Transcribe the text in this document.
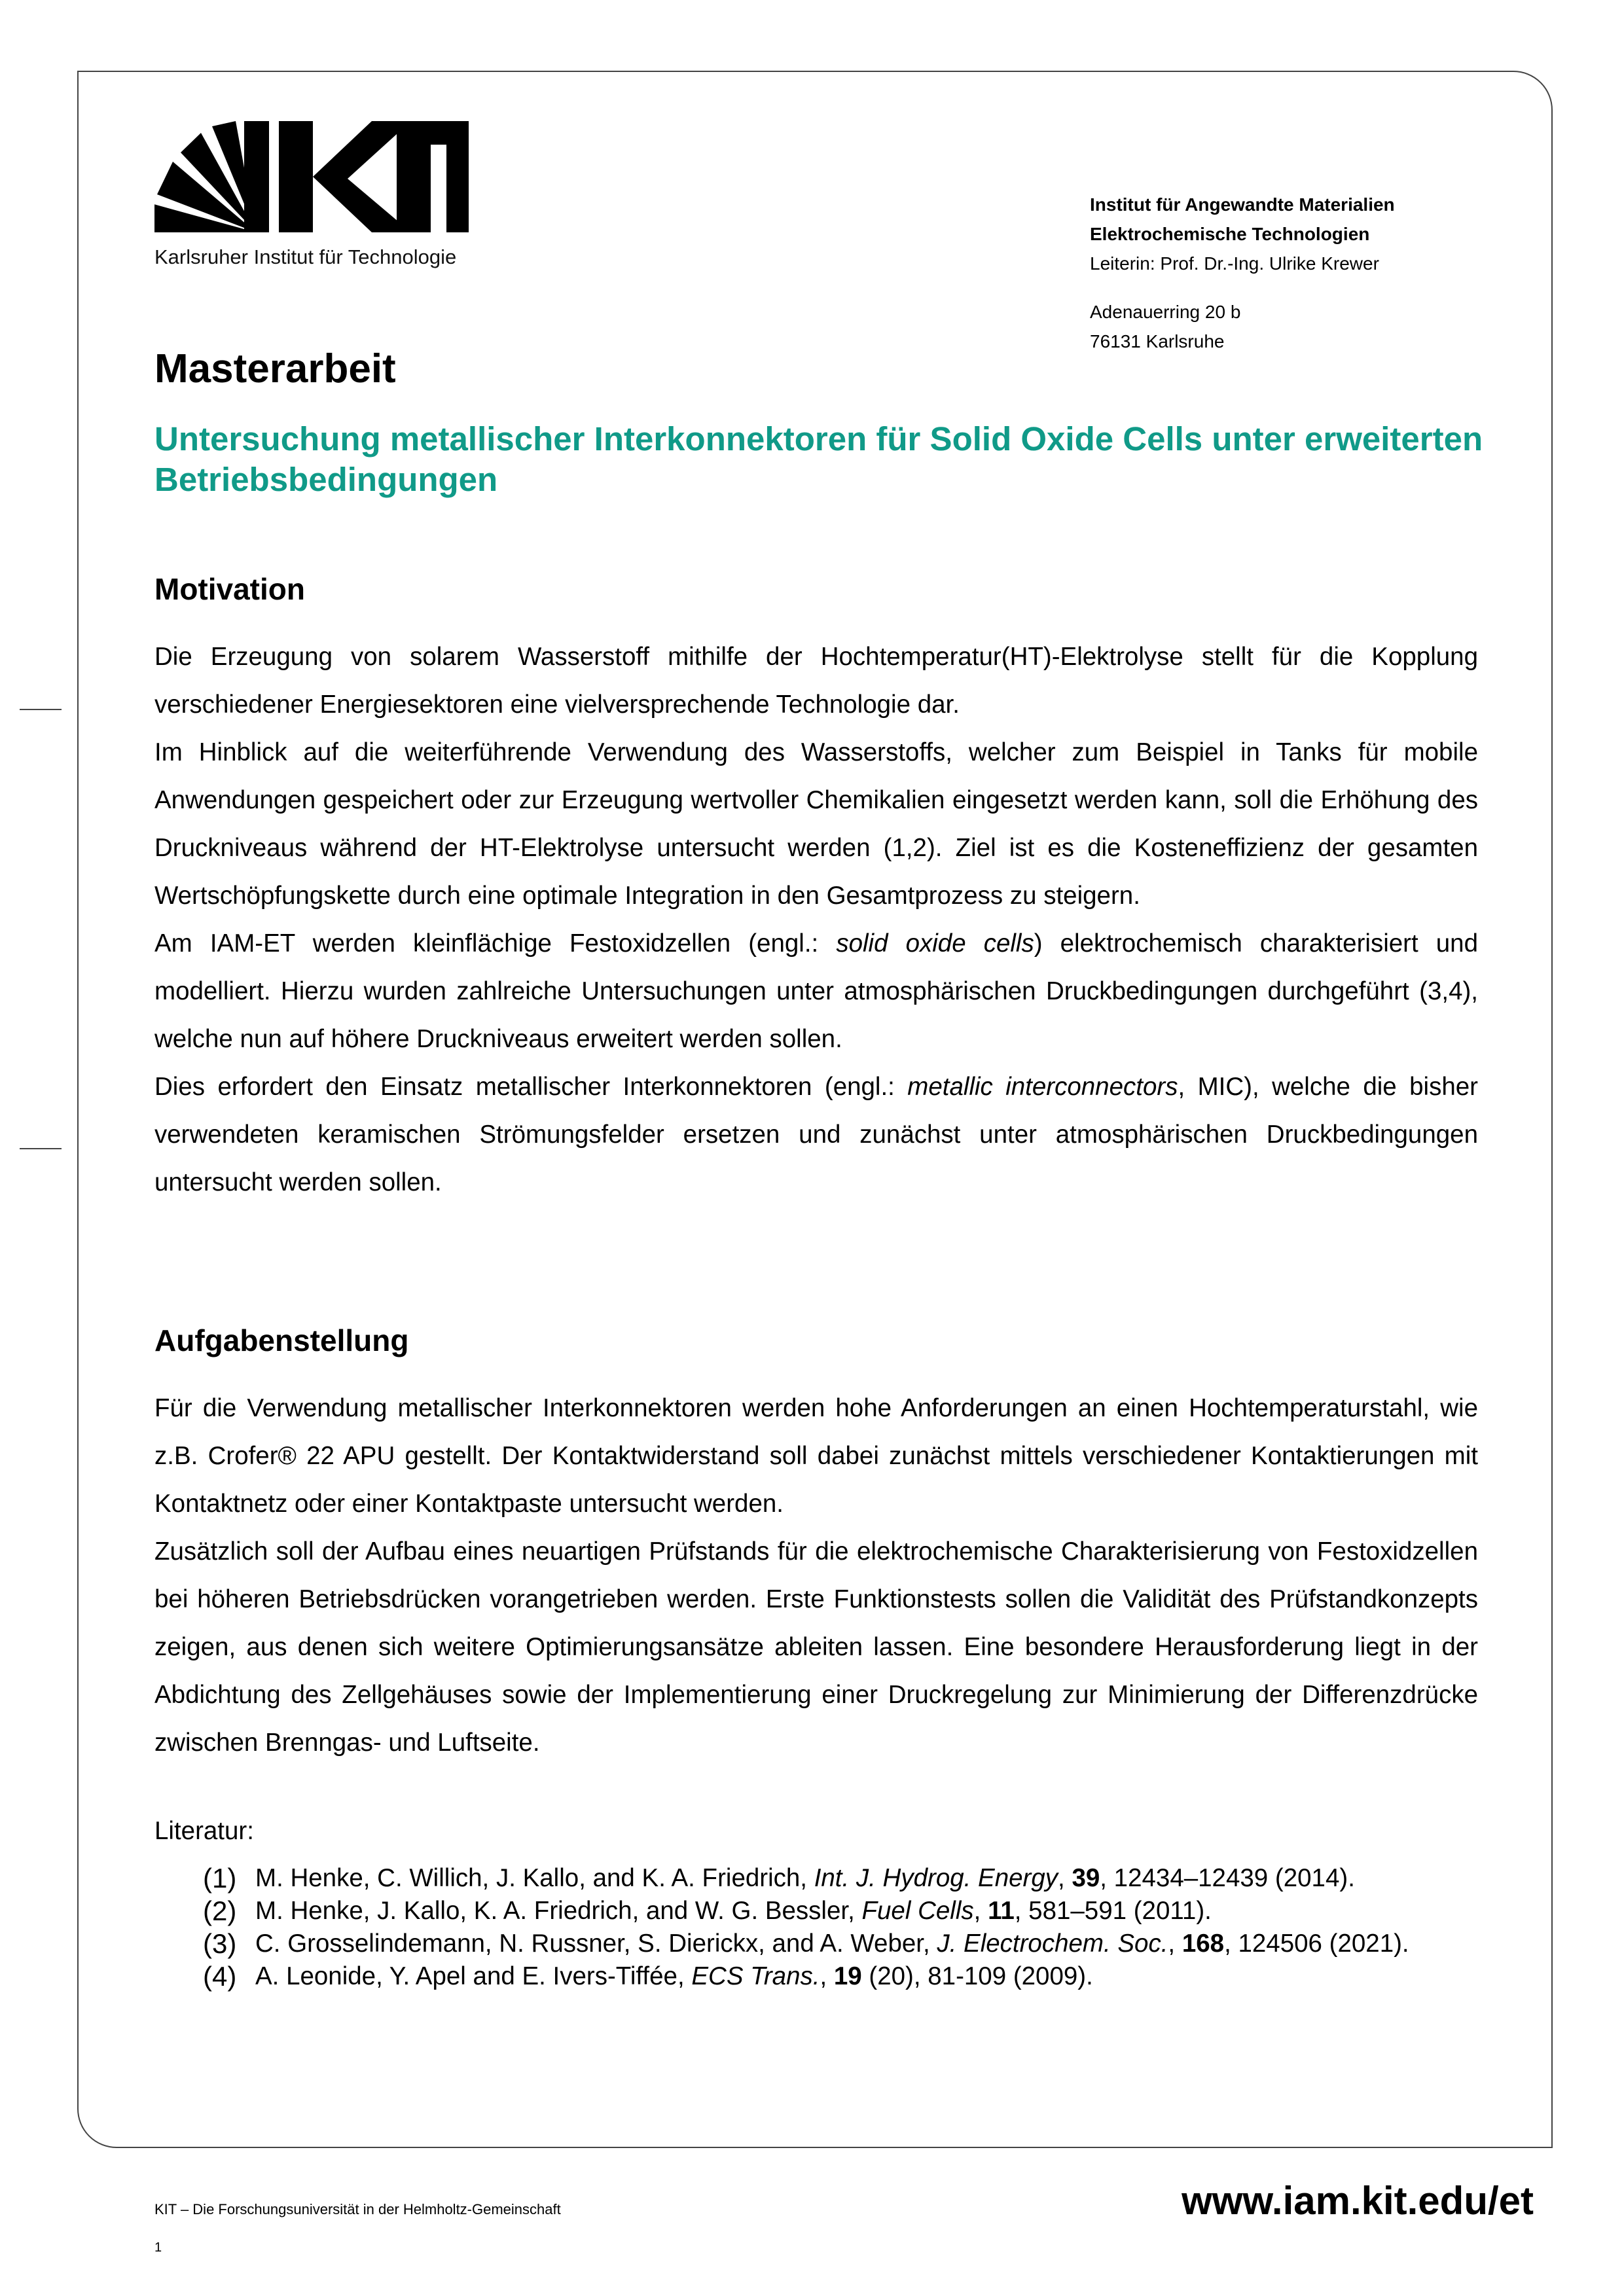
KIT
Karlsruher Institut für Technologie
Institut für Angewandte Materialien
Elektrochemische Technologien
Leiterin: Prof. Dr.-Ing. Ulrike Krewer
Adenauerring 20 b
76131 Karlsruhe
Masterarbeit
Untersuchung metallischer Interkonnektoren für Solid Oxide Cells unter erweiterten Betriebsbedingungen
Motivation

Die Erzeugung von solarem Wasserstoff mithilfe der Hochtemperatur(HT)-Elektrolyse stellt für die Kopplung verschiedener Energiesektoren eine vielversprechende Technologie dar.

Im Hinblick auf die weiterführende Verwendung des Wasserstoffs, welcher zum Beispiel in Tanks für mobile Anwendungen gespeichert oder zur Erzeugung wertvoller Chemikalien eingesetzt werden kann, soll die Erhöhung des Druckniveaus während der HT-Elektrolyse untersucht werden (1,2). Ziel ist es die Kosteneffizienz der gesamten Wertschöpfungskette durch eine optimale Integration in den Gesamtprozess zu steigern.

Am IAM-ET werden kleinflächige Festoxidzellen (engl.: solid oxide cells) elektrochemisch charakterisiert und modelliert. Hierzu wurden zahlreiche Untersuchungen unter atmosphärischen Druckbedingungen durchgeführt (3,4), welche nun auf höhere Druckniveaus erweitert werden sollen.

Dies erfordert den Einsatz metallischer Interkonnektoren (engl.: metallic interconnectors, MIC), welche die bisher verwendeten keramischen Strömungsfelder ersetzen und zunächst unter atmosphärischen Druckbedingungen untersucht werden sollen.

Aufgabenstellung

Für die Verwendung metallischer Interkonnektoren werden hohe Anforderungen an einen Hochtemperaturstahl, wie z.B. Crofer® 22 APU gestellt. Der Kontaktwiderstand soll dabei zunächst mittels verschiedener Kontaktierungen mit Kontaktnetz oder einer Kontaktpaste untersucht werden.

Zusätzlich soll der Aufbau eines neuartigen Prüfstands für die elektrochemische Charakterisierung von Festoxidzellen bei höheren Betriebsdrücken vorangetrieben werden. Erste Funktionstests sollen die Validität des Prüfstandkonzepts zeigen, aus denen sich weitere Optimierungsansätze ableiten lassen. Eine besondere Herausforderung liegt in der Abdichtung des Zellgehäuses sowie der Implementierung einer Druckregelung zur Minimierung der Differenzdrücke zwischen Brenngas- und Luftseite.

Literatur:
(1) M. Henke, C. Willich, J. Kallo, and K. A. Friedrich, Int. J. Hydrog. Energy, 39, 12434–12439 (2014).
(2) M. Henke, J. Kallo, K. A. Friedrich, and W. G. Bessler, Fuel Cells, 11, 581–591 (2011).
(3) C. Grosselindemann, N. Russner, S. Dierickx, and A. Weber, J. Electrochem. Soc., 168, 124506 (2021).
(4) A. Leonide, Y. Apel and E. Ivers-Tiffée, ECS Trans., 19 (20), 81-109 (2009).
KIT – Die Forschungsuniversität in der Helmholtz-Gemeinschaft	www.iam.kit.edu/et
1
